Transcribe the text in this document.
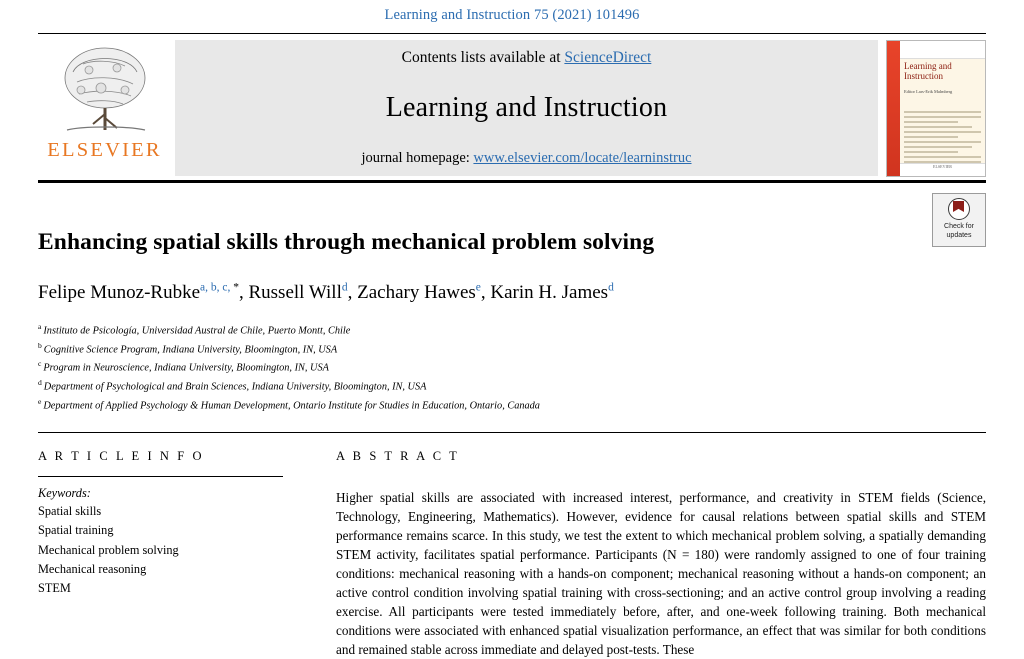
Learning and Instruction 75 (2021) 101496
ELSEVIER
Contents lists available at ScienceDirect
Learning and Instruction
journal homepage: www.elsevier.com/locate/learninstruc
Learning and Instruction
Editor Lars-Erik Malmberg
ELSEVIER
Enhancing spatial skills through mechanical problem solving
Felipe Munoz-Rubke$^{a, b, c,}$ *, Russell Will$^d$, Zachary Hawes$^e$, Karin H. James$^d$
$^a$ Instituto de Psicología, Universidad Austral de Chile, Puerto Montt, Chile
$^b$ Cognitive Science Program, Indiana University, Bloomington, IN, USA
$^c$ Program in Neuroscience, Indiana University, Bloomington, IN, USA
$^d$ Department of Psychological and Brain Sciences, Indiana University, Bloomington, IN, USA
$^e$ Department of Applied Psychology & Human Development, Ontario Institute for Studies in Education, Ontario, Canada
Check for
updates
A R T I C L E I N F O
Keywords:
Spatial skills
Spatial training
Mechanical problem solving
Mechanical reasoning
STEM
A B S T R A C T
Higher spatial skills are associated with increased interest, performance, and creativity in STEM fields (Science, Technology, Engineering, Mathematics). However, evidence for causal relations between spatial skills and STEM performance remains scarce. In this study, we test the extent to which mechanical problem solving, a spatially demanding STEM activity, facilitates spatial performance. Participants (N = 180) were randomly assigned to one of four training conditions: mechanical reasoning with a hands-on component; mechanical reasoning without a hands-on component; an active control condition involving spatial training with cross-sectioning; and an active control group involving a reading exercise. All participants were tested immediately before, after, and one-week following training. Both mechanical conditions were associated with enhanced spatial visualization performance, an effect that was similar for both conditions and remained stable across immediate and delayed post-tests. These
